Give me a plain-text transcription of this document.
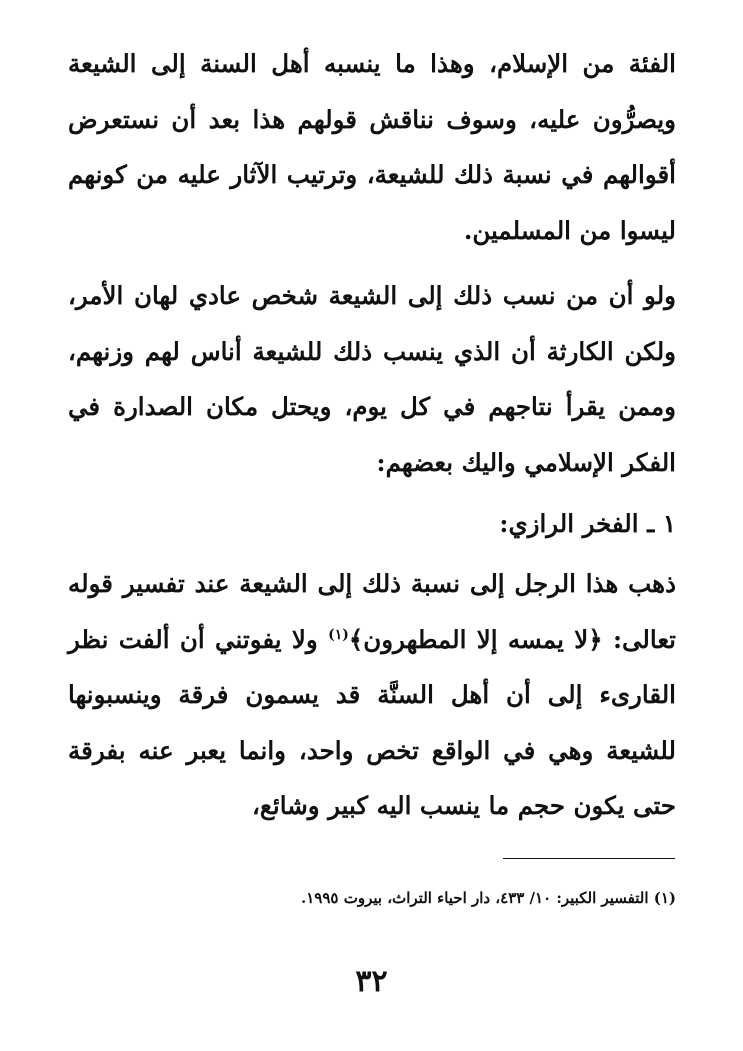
الفئة من الإسلام، وهذا ما ينسبه أهل السنة إلى الشيعة ويصرُّون عليه، وسوف نناقش قولهم هذا بعد أن نستعرض أقوالهم في نسبة ذلك للشيعة، وترتيب الآثار عليه من كونهم ليسوا من المسلمين.

ولو أن من نسب ذلك إلى الشيعة شخص عادي لهان الأمر، ولكن الكارثة أن الذي ينسب ذلك للشيعة أناس لهم وزنهم، وممن يقرأ نتاجهم في كل يوم، ويحتل مكان الصدارة في الفكر الإسلامي واليك بعضهم:

١ ـ الفخر الرازي:

ذهب هذا الرجل إلى نسبة ذلك إلى الشيعة عند تفسير قوله تعالى: ﴿لا يمسه إلا المطهرون﴾$^{(١)}$ ولا يفوتني أن ألفت نظر القارىء إلى أن أهل السنَّة قد يسمون فرقة وينسبونها للشيعة وهي في الواقع تخص واحد، وانما يعبر عنه بفرقة حتى يكون حجم ما ينسب اليه كبير وشائع،

(١) التفسير الكبير: ١٠/ ٤٣٣، دار احياء التراث، بيروت ١٩٩٥.
٣٢
